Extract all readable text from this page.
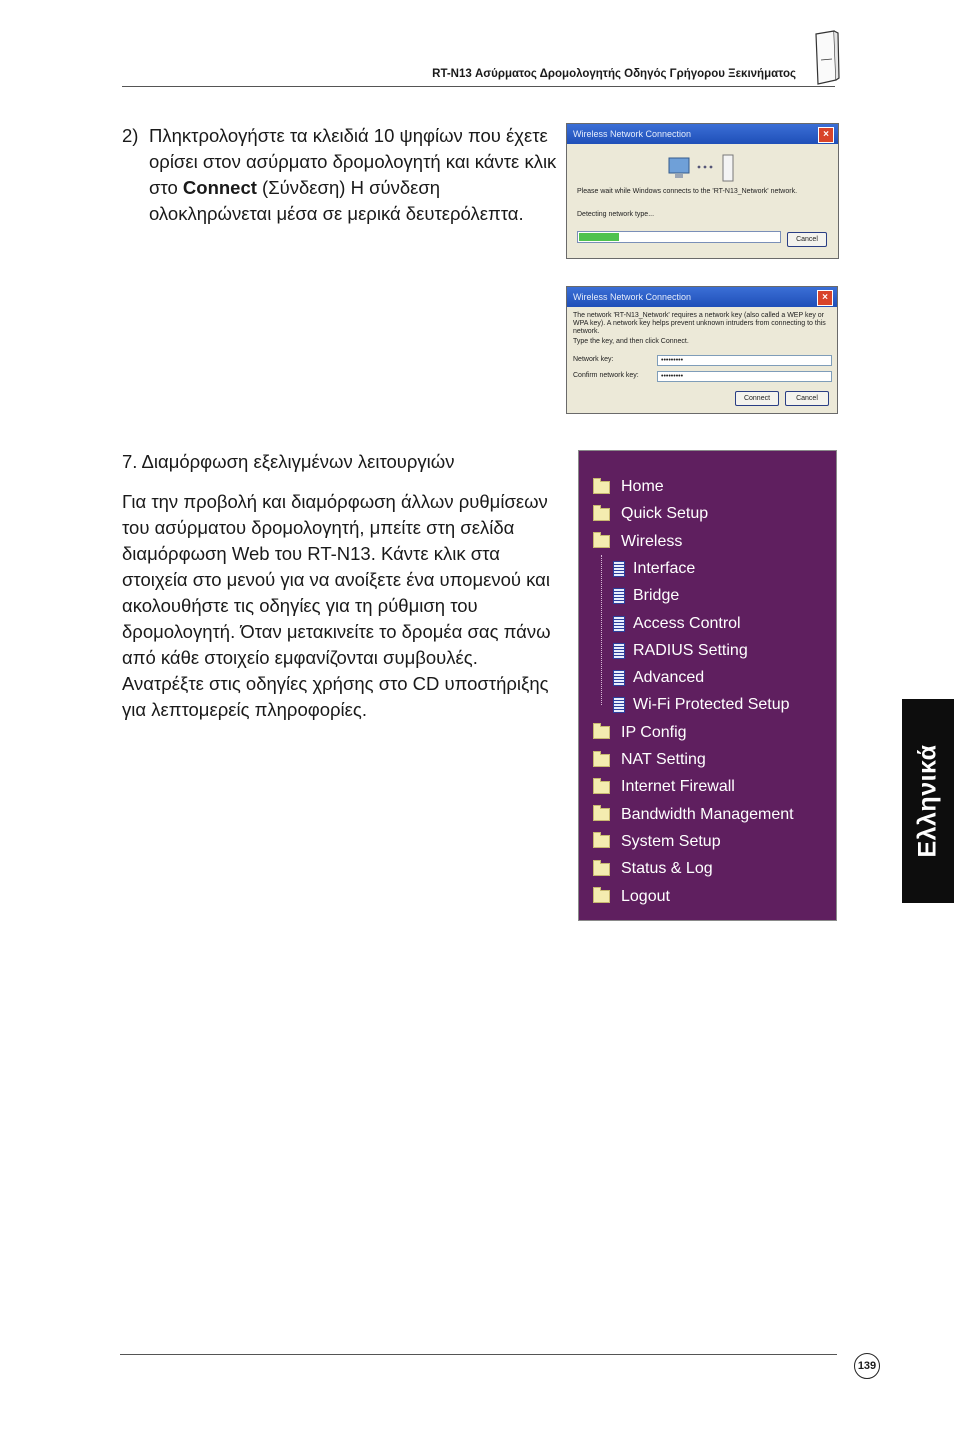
RT-N13 Ασύρματος Δρομολογητής Οδηγός Γρήγορου Ξεκινήματος
2) Πληκτρολογήστε τα κλειδιά 10 ψηφίων που έχετε ορίσει στον ασύρματο δρομολογητή και κάντε κλικ στο Connect (Σύνδεση) Η σύνδεση ολοκληρώνεται μέσα σε μερικά δευτερόλεπτα.
Wireless Network Connection	×
Please wait while Windows connects to the 'RT-N13_Network' network.
Detecting network type...
Cancel
Wireless Network Connection	×
The network 'RT-N13_Network' requires a network key (also called a WEP key or WPA key). A network key helps prevent unknown intruders from connecting to this network.
Type the key, and then click Connect.
Network key:	•••••••••
Confirm network key:	•••••••••
Connect	Cancel
7. Διαμόρφωση εξελιγμένων λειτουργιών
Για την προβολή και διαμόρφωση άλλων ρυθμίσεων του ασύρματου δρομολογητή, μπείτε στη σελίδα διαμόρφωση Web του RT-N13. Κάντε κλικ στα στοιχεία στο μενού για να ανοίξετε ένα υπομενού και ακολουθήστε τις οδηγίες για τη ρύθμιση του δρομολογητή. Όταν μετακινείτε το δρομέα σας πάνω από κάθε στοιχείο εμφανίζονται συμβουλές. Ανατρέξτε στις οδηγίες χρήσης στο CD υποστήριξης για λεπτομερείς πληροφορίες.
Home
Quick Setup
Wireless
Interface
Bridge
Access Control
RADIUS Setting
Advanced
Wi-Fi Protected Setup
IP Config
NAT Setting
Internet Firewall
Bandwidth Management
System Setup
Status & Log
Logout
Ελληνικά
139
